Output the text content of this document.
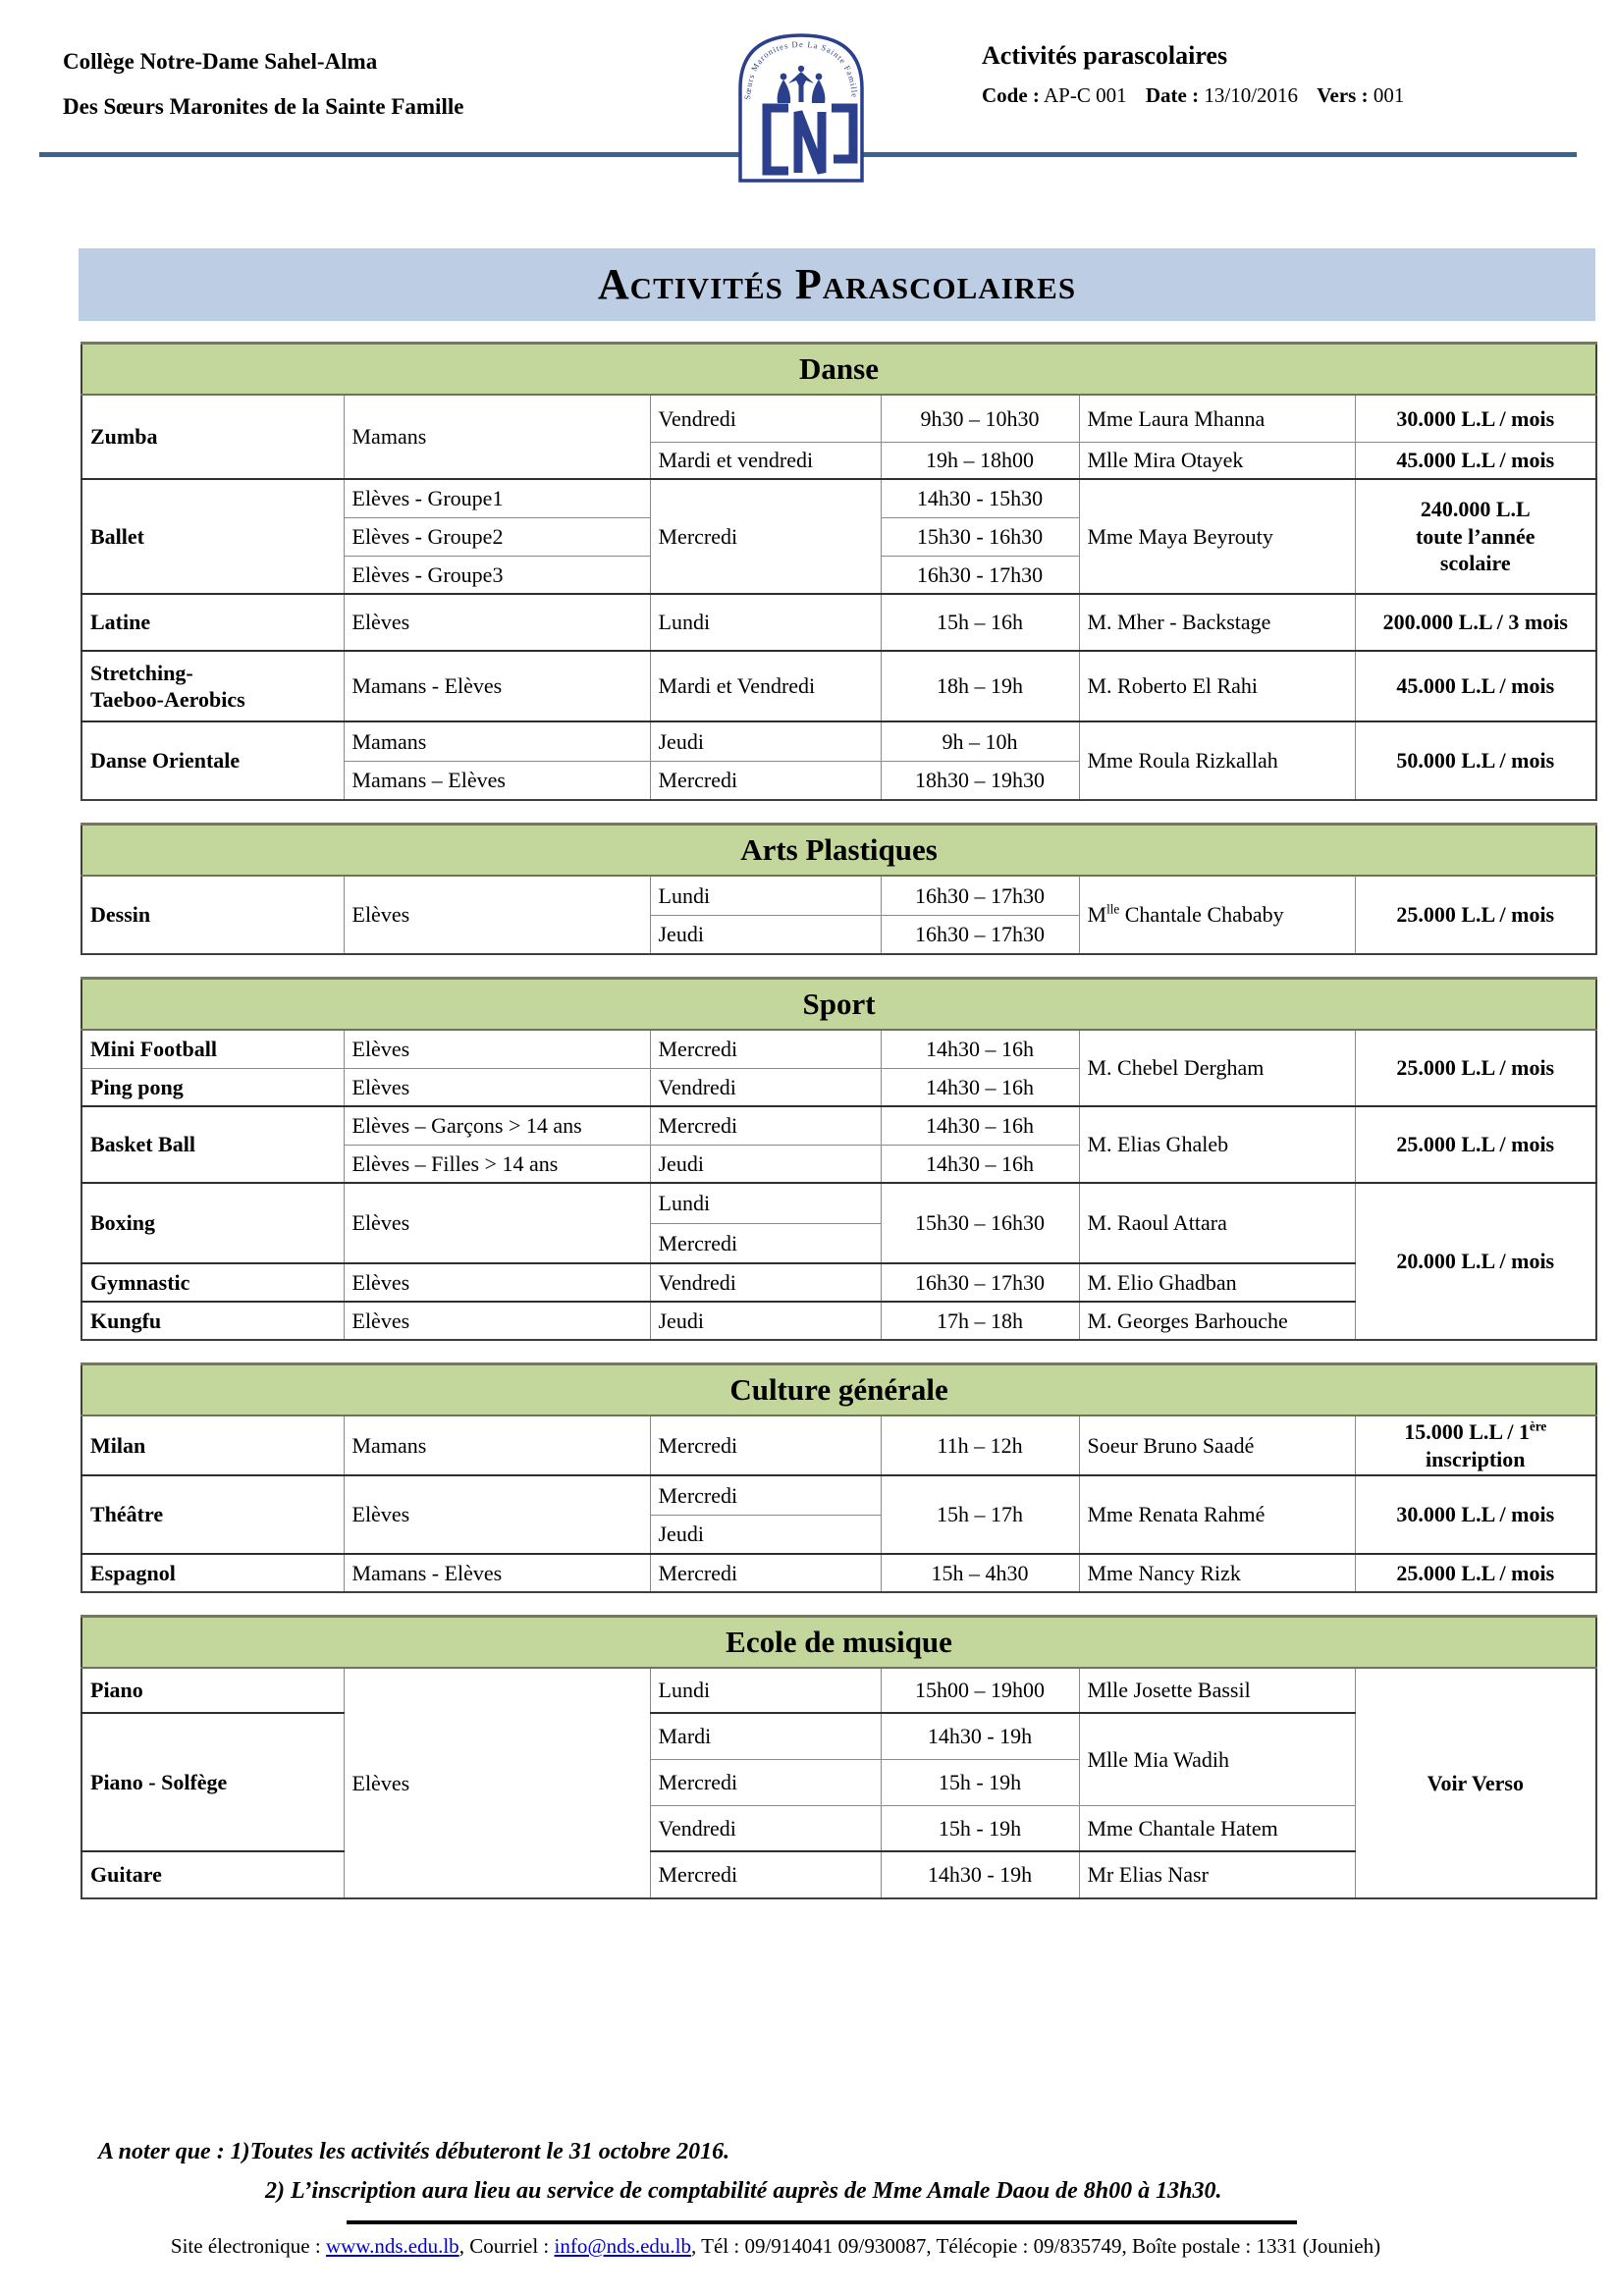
Collège Notre-Dame Sahel-Alma
Des Sœurs Maronites de la Sainte Famille	Sœurs Maronites De La Sainte Famille
Activités parascolaires
Code : AP-C 001 Date : 13/10/2016 Vers : 001
Activités Parascolaires
Danse					
Zumba	Mamans	Vendredi	9h30 – 10h30	Mme Laura Mhanna	30.000 L.L / mois
		Mardi et vendredi	19h – 18h00	Mlle Mira Otayek	45.000 L.L / mois
Ballet	Elèves - Groupe1	Mercredi	14h30 - 15h30	Mme Maya Beyrouty	240.000 L.L
toute l’année
scolaire
	Elèves - Groupe2		15h30 - 16h30		
	Elèves - Groupe3		16h30 - 17h30		
Latine	Elèves	Lundi	15h – 16h	M. Mher - Backstage	200.000 L.L / 3 mois
Stretching-
Taeboo-Aerobics	Mamans - Elèves	Mardi et Vendredi	18h – 19h	M. Roberto El Rahi	45.000 L.L / mois
Danse Orientale	Mamans	Jeudi	9h – 10h	Mme Roula Rizkallah	50.000 L.L / mois
	Mamans – Elèves	Mercredi	18h30 – 19h30		
Arts Plastiques					
Dessin	Elèves	Lundi	16h30 – 17h30	$M^{lle}$ Chantale Chababy	25.000 L.L / mois
		Jeudi	16h30 – 17h30		
Sport					
Mini Football	Elèves	Mercredi	14h30 – 16h	M. Chebel Dergham	25.000 L.L / mois
Ping pong	Elèves	Vendredi	14h30 – 16h		
Basket Ball	Elèves – Garçons > 14 ans	Mercredi	14h30 – 16h	M. Elias Ghaleb	25.000 L.L / mois
	Elèves – Filles > 14 ans	Jeudi	14h30 – 16h		
Boxing	Elèves	Lundi	15h30 – 16h30	M. Raoul Attara	20.000 L.L / mois
		Mercredi			
Gymnastic	Elèves	Vendredi	16h30 – 17h30	M. Elio Ghadban	
Kungfu	Elèves	Jeudi	17h – 18h	M. Georges Barhouche	
Culture générale					
Milan	Mamans	Mercredi	11h – 12h	Soeur Bruno Saadé	15.000 L.L / 1ère inscription
Théâtre	Elèves	Mercredi	15h – 17h	Mme Renata Rahmé	30.000 L.L / mois
		Jeudi			
Espagnol	Mamans - Elèves	Mercredi	15h – 4h30	Mme Nancy Rizk	25.000 L.L / mois
Ecole de musique					
Piano	Elèves	Lundi	15h00 – 19h00	Mlle Josette Bassil	Voir Verso
Piano - Solfège		Mardi	14h30 - 19h	Mlle Mia Wadih	
		Mercredi	15h - 19h		
		Vendredi	15h - 19h	Mme Chantale Hatem	
Guitare		Mercredi	14h30 - 19h	Mr Elias Nasr	
A noter que : 1)Toutes les activités débuteront le 31 octobre 2016.
2) L’inscription aura lieu au service de comptabilité auprès de Mme Amale Daou de 8h00 à 13h30.
Site électronique : www.nds.edu.lb, Courriel : info@nds.edu.lb, Tél : 09/914041 09/930087, Télécopie : 09/835749, Boîte postale : 1331 (Jounieh)
